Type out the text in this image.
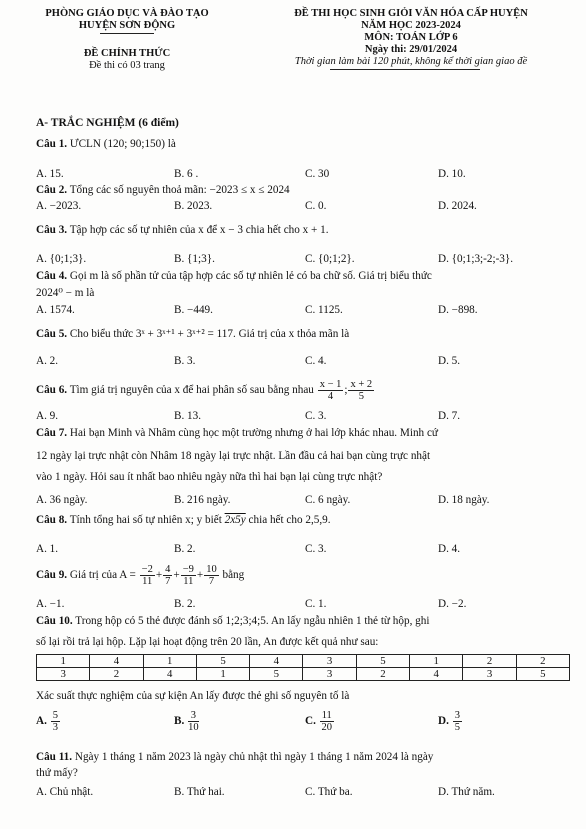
PHÒNG GIÁO DỤC VÀ ĐÀO TẠO
HUYỆN SƠN ĐỘNG
ĐỀ CHÍNH THỨC
Đề thi có 03 trang
ĐỀ THI HỌC SINH GIỎI VĂN HÓA CẤP HUYỆN
NĂM HỌC 2023-2024
MÔN: TOÁN LỚP 6
Ngày thi: 29/01/2024
Thời gian làm bài 120 phút, không kể thời gian giao đề
A- TRẮC NGHIỆM (6 điểm)
Câu 1. ƯCLN (120; 90;150) là
A. 15.	B. 6 .	C. 30	D. 10.
Câu 2. Tổng các số nguyên thoả mãn: −2023 ≤ x ≤ 2024
A. −2023.	B. 2023.	C. 0.	D. 2024.
Câu 3. Tập hợp các số tự nhiên của x để x − 3 chia hết cho x + 1.
A. {0;1;3}.	B. {1;3}.	C. {0;1;2}.	D. {0;1;3;-2;-3}.
Câu 4. Gọi m là số phần tử của tập hợp các số tự nhiên lẻ có ba chữ số. Giá trị biểu thức
2024⁰ − m là
A. 1574.	B. −449.	C. 1125.	D. −898.
Câu 5. Cho biểu thức 3ˣ + 3ˣ⁺¹ + 3ˣ⁺² = 117. Giá trị của x thỏa mãn là
A. 2.	B. 3.	C. 4.	D. 5.
Câu 6. Tìm giá trị nguyên của x để hai phân số sau bằng nhau $\frac{x - 1}{4}$ ; $\frac{x + 2}{5}$
A. 9.	B. 13.	C. 3.	D. 7.
Câu 7. Hai bạn Minh và Nhâm cùng học một trường nhưng ở hai lớp khác nhau. Minh cứ
12 ngày lại trực nhật còn Nhâm 18 ngày lại trực nhật. Lần đầu cả hai bạn cùng trực nhật
vào 1 ngày. Hỏi sau ít nhất bao nhiêu ngày nữa thì hai bạn lại cùng trực nhật?
A. 36 ngày.	B. 216 ngày.	C. 6 ngày.	D. 18 ngày.
Câu 8. Tính tổng hai số tự nhiên x; y biết 2x5y chia hết cho 2,5,9.
A. 1.	B. 2.	C. 3.	D. 4.
Câu 9. Giá trị của $A = \frac{-2}{11} + \frac{4}{7} + \frac{-9}{11} + \frac{10}{7}$ bằng
A. −1.	B. 2.	C. 1.	D. −2.
Câu 10. Trong hộp có 5 thẻ được đánh số 1;2;3;4;5. An lấy ngẫu nhiên 1 thẻ từ hộp, ghi
số lại rồi trả lại hộp. Lặp lại hoạt động trên 20 lần, An được kết quả như sau:
1	4	1	5	4	3	5	1	2	2
3	2	4	1	5	3	2	4	3	5
Xác suất thực nghiệm của sự kiện An lấy được thẻ ghi số nguyên tố là
A. $\frac{5}{3}$	B. $\frac{3}{10}$	C. $\frac{11}{20}$	D. $\frac{3}{5}$
Câu 11. Ngày 1 tháng 1 năm 2023 là ngày chủ nhật thì ngày 1 tháng 1 năm 2024 là ngày
thứ mấy?
A. Chủ nhật.	B. Thứ hai.	C. Thứ ba.	D. Thứ năm.
